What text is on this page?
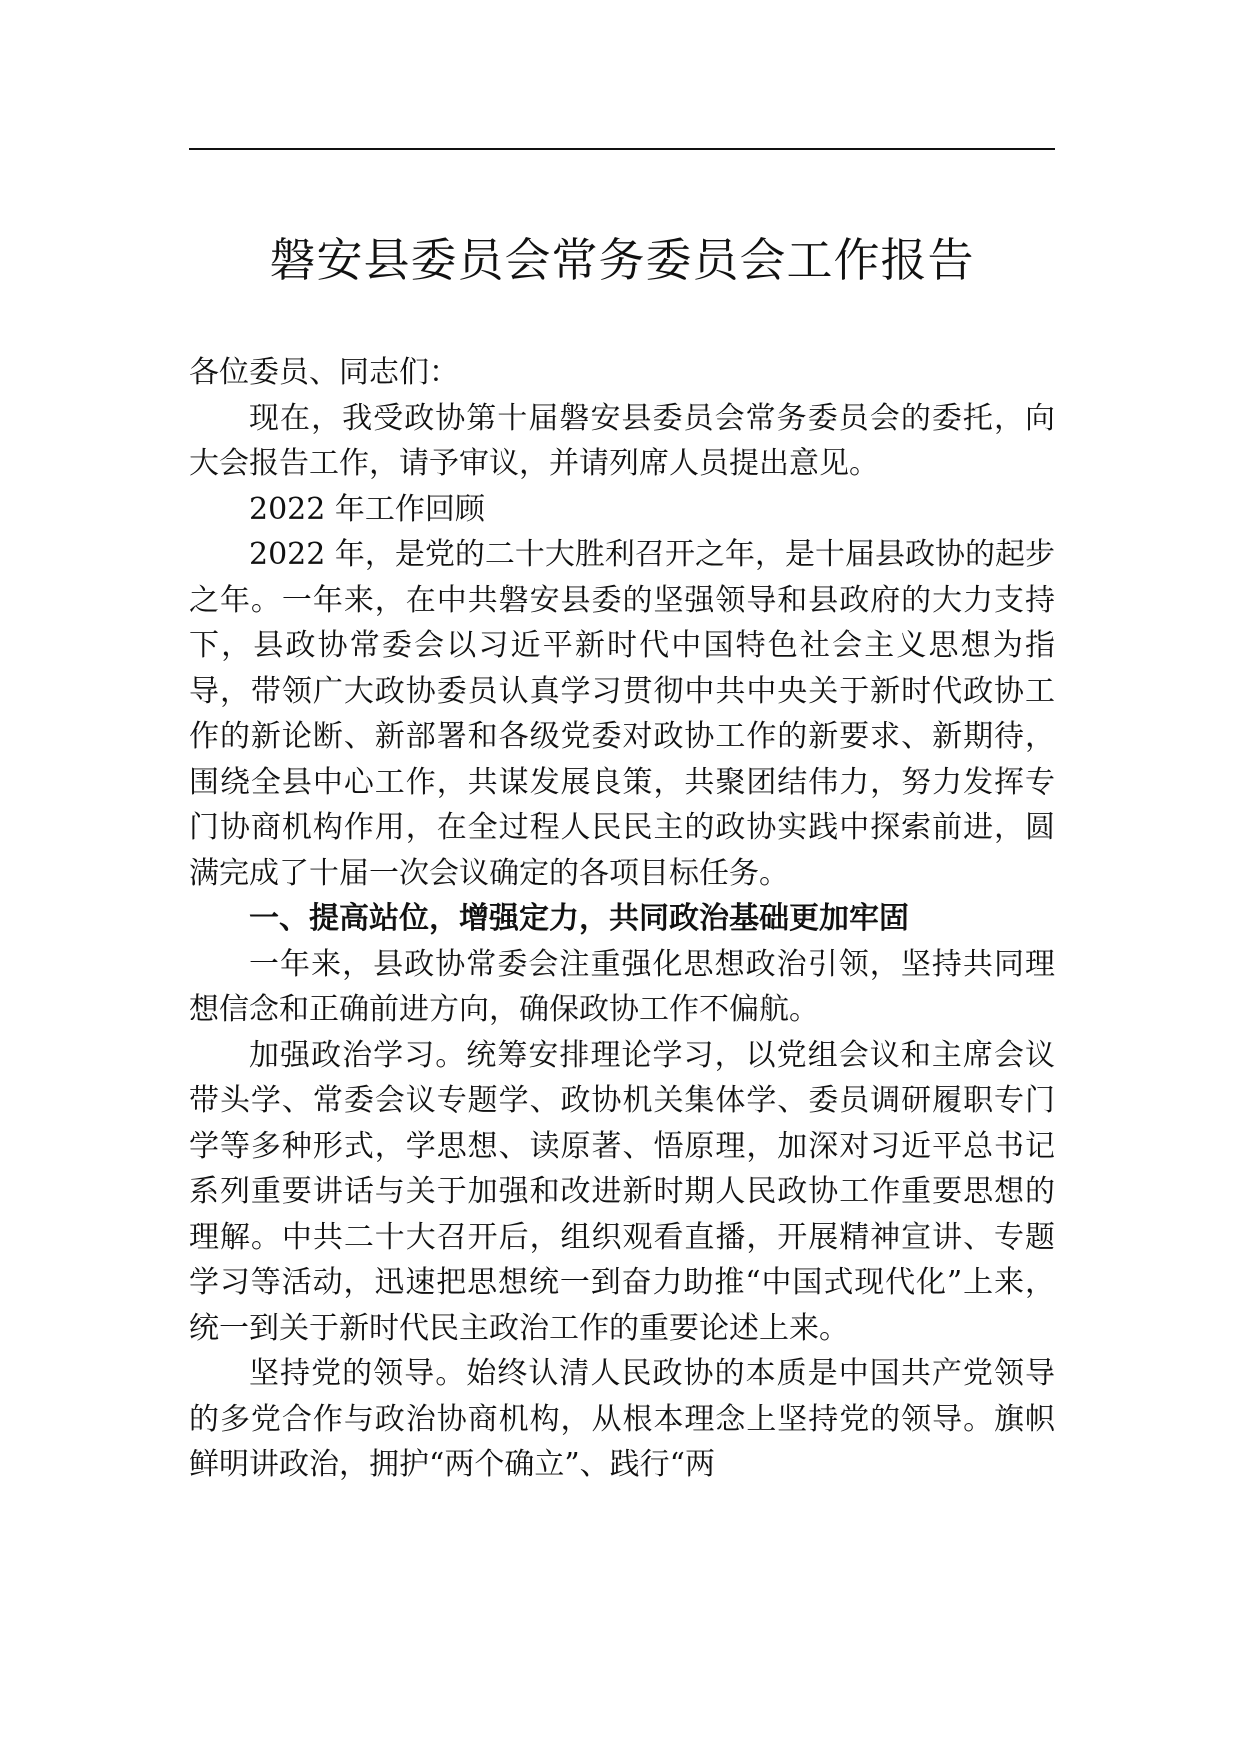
磐安县委员会常务委员会工作报告

各位委员、同志们：

现在，我受政协第十届磐安县委员会常务委员会的委托，向大会报告工作，请予审议，并请列席人员提出意见。

2022 年工作回顾

2022 年，是党的二十大胜利召开之年，是十届县政协的起步之年。一年来，在中共磐安县委的坚强领导和县政府的大力支持下，县政协常委会以习近平新时代中国特色社会主义思想为指导，带领广大政协委员认真学习贯彻中共中央关于新时代政协工作的新论断、新部署和各级党委对政协工作的新要求、新期待，围绕全县中心工作，共谋发展良策，共聚团结伟力，努力发挥专门协商机构作用，在全过程人民民主的政协实践中探索前进，圆满完成了十届一次会议确定的各项目标任务。

一、提高站位，增强定力，共同政治基础更加牢固

一年来，县政协常委会注重强化思想政治引领，坚持共同理想信念和正确前进方向，确保政协工作不偏航。

加强政治学习。统筹安排理论学习，以党组会议和主席会议带头学、常委会议专题学、政协机关集体学、委员调研履职专门学等多种形式，学思想、读原著、悟原理，加深对习近平总书记系列重要讲话与关于加强和改进新时期人民政协工作重要思想的理解。中共二十大召开后，组织观看直播，开展精神宣讲、专题学习等活动，迅速把思想统一到奋力助推“中国式现代化”上来，统一到关于新时代民主政治工作的重要论述上来。

坚持党的领导。始终认清人民政协的本质是中国共产党领导的多党合作与政治协商机构，从根本理念上坚持党的领导。旗帜鲜明讲政治，拥护“两个确立”、践行“两
